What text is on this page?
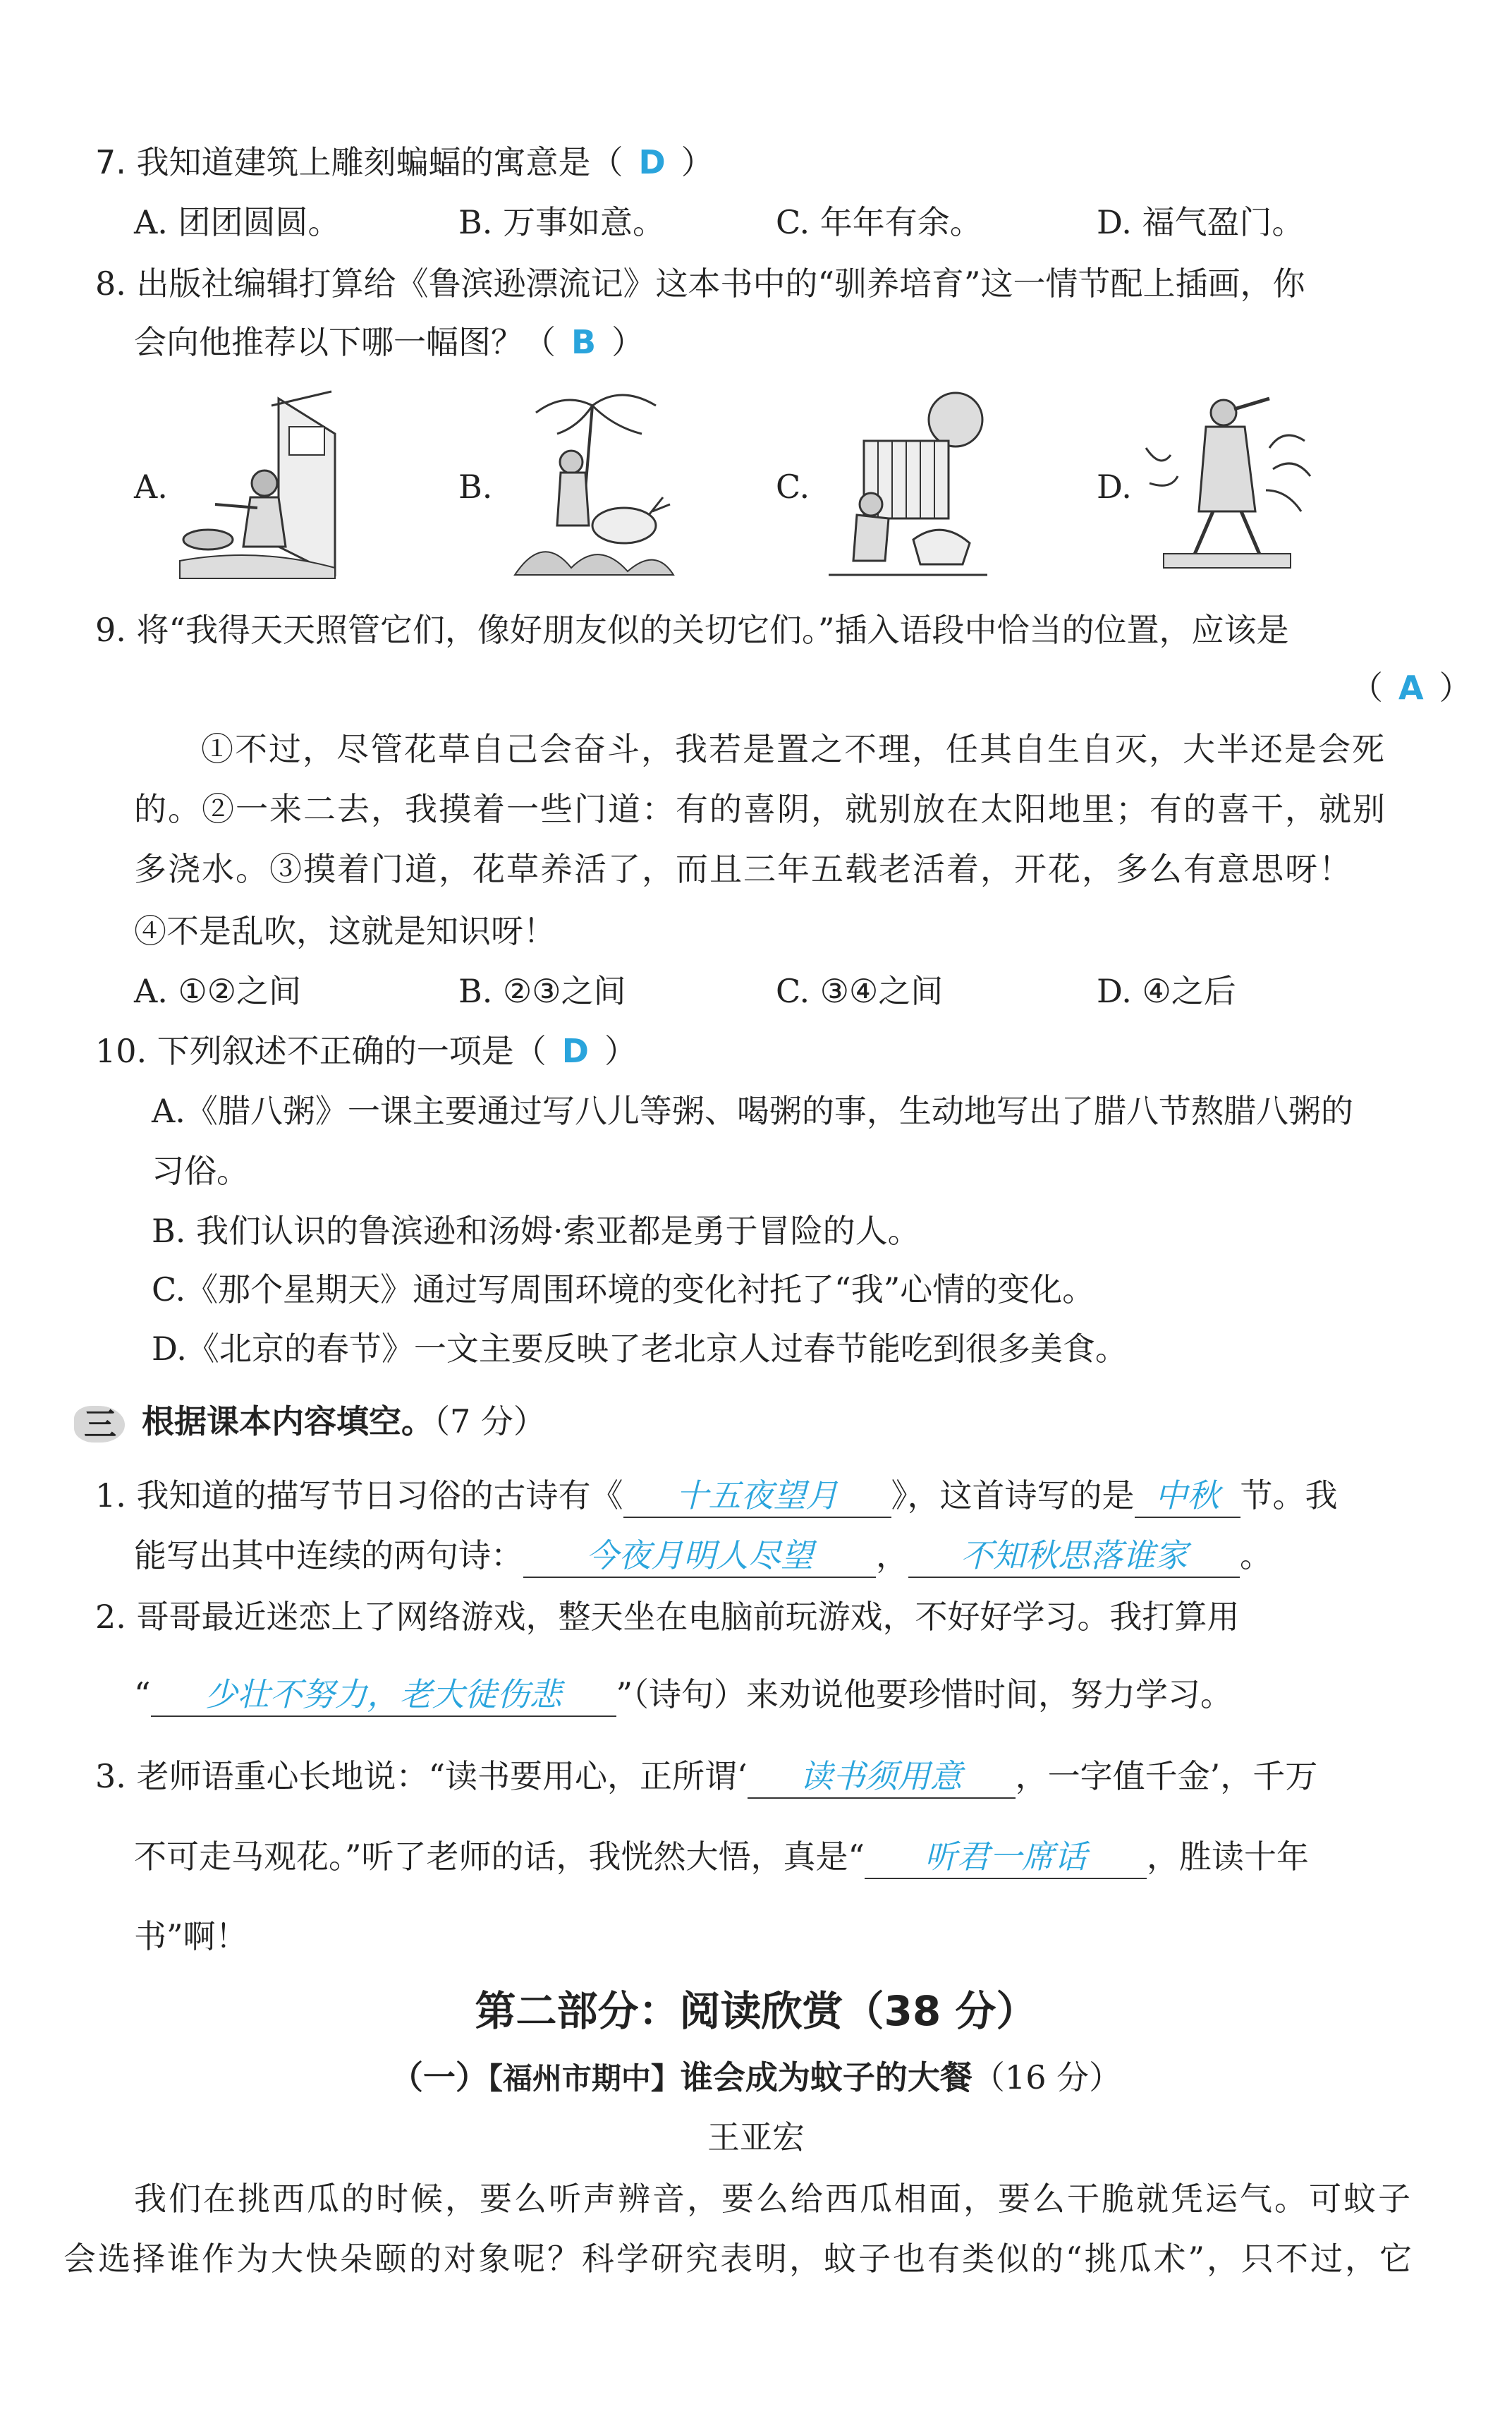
7. 我知道建筑上雕刻蝙蝠的寓意是（ D ）
A. 团团圆圆。	B. 万事如意。	C. 年年有余。	D. 福气盈门。
8. 出版社编辑打算给《鲁滨逊漂流记》这本书中的“驯养培育”这一情节配上插画，你
会向他推荐以下哪一幅图？（ B ）
A.	B.	C.	D.
9. 将“我得天天照管它们，像好朋友似的关切它们。”插入语段中恰当的位置，应该是
（ A ）
①不过，尽管花草自己会奋斗，我若是置之不理，任其自生自灭，大半还是会死
的。②一来二去，我摸着一些门道：有的喜阴，就别放在太阳地里；有的喜干，就别
多浇水。③摸着门道，花草养活了，而且三年五载老活着，开花，多么有意思呀！
④不是乱吹，这就是知识呀！
A. ①②之间	B. ②③之间	C. ③④之间	D. ④之后
10. 下列叙述不正确的一项是（ D ）
A.《腊八粥》一课主要通过写八儿等粥、喝粥的事，生动地写出了腊八节熬腊八粥的
习俗。
B. 我们认识的鲁滨逊和汤姆·索亚都是勇于冒险的人。
C.《那个星期天》通过写周围环境的变化衬托了“我”心情的变化。
D.《北京的春节》一文主要反映了老北京人过春节能吃到很多美食。
三 根据课本内容填空。（7 分）
1. 我知道的描写节日习俗的古诗有《 十五夜望月 》，这首诗写的是 中秋 节。我
能写出其中连续的两句诗： 今夜月明人尽望 ， 不知秋思落谁家 。
2. 哥哥最近迷恋上了网络游戏，整天坐在电脑前玩游戏，不好好学习。我打算用
“ 少壮不努力，老大徒伤悲 ”（诗句）来劝说他要珍惜时间，努力学习。
3. 老师语重心长地说：“读书要用心，正所谓‘ 读书须用意 ，一字值千金’，千万
不可走马观花。”听了老师的话，我恍然大悟，真是“ 听君一席话 ，胜读十年
书”啊！
第二部分：阅读欣赏（38 分）
（一）【福州市期中】谁会成为蚊子的大餐（16 分）
王亚宏
我们在挑西瓜的时候，要么听声辨音，要么给西瓜相面，要么干脆就凭运气。可蚊子
会选择谁作为大快朵颐的对象呢？科学研究表明，蚊子也有类似的“挑瓜术”，只不过，它
